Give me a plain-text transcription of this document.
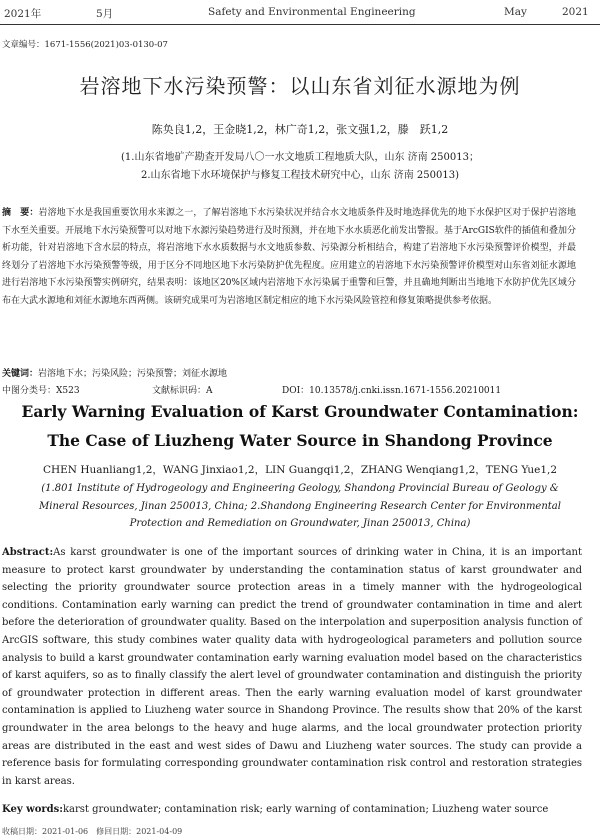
2021年	5月	Safety and Environmental Engineering	May	2021
文章编号：1671-1556(2021)03-0130-07
岩溶地下水污染预警：以山东省刘征水源地为例
陈奂良1,2，王金晓1,2，林广奇1,2，张文强1,2，滕　跃1,2
(1.山东省地矿产勘查开发局八〇一水文地质工程地质大队，山东 济南 250013；
2.山东省地下水环境保护与修复工程技术研究中心，山东 济南 250013)

摘　要：岩溶地下水是我国重要饮用水来源之一，了解岩溶地下水污染状况并结合水文地质条件及时地选择优先的地下水保护区对于保护岩溶地下水至关重要。开展地下水污染预警可以对地下水源污染趋势进行及时预测，并在地下水水质恶化前发出警报。基于ArcGIS软件的插值和叠加分析功能，针对岩溶地下含水层的特点，将岩溶地下水水质数据与水文地质参数、污染源分析相结合，构建了岩溶地下水污染预警评价模型，并最终划分了岩溶地下水污染预警等级，用于区分不同地区地下水污染防护优先程度。应用建立的岩溶地下水污染预警评价模型对山东省刘征水源地进行岩溶地下水污染预警实例研究，结果表明：该地区20%区域内岩溶地下水污染属于重警和巨警，并且确地判断出当地地下水防护优先区域分布在大武水源地和刘征水源地东西两侧。该研究成果可为岩溶地区制定相应的地下水污染风险管控和修复策略提供参考依据。

关键词：岩溶地下水；污染风险；污染预警；刘征水源地
中图分类号：X523	文献标识码：A	DOI：10.13578/j.cnki.issn.1671-1556.20210011
Early Warning Evaluation of Karst Groundwater Contamination:
The Case of Liuzheng Water Source in Shandong Province
CHEN Huanliang1,2，WANG Jinxiao1,2，LIN Guangqi1,2，ZHANG Wenqiang1,2，TENG Yue1,2

(1.801 Institute of Hydrogeology and Engineering Geology, Shandong Provincial Bureau of Geology & Mineral Resources, Jinan 250013, China; 2.Shandong Engineering Research Center for Environmental Protection and Remediation on Groundwater, Jinan 250013, China)

Abstract:As karst groundwater is one of the important sources of drinking water in China, it is an important measure to protect karst groundwater by understanding the contamination status of karst groundwater and selecting the priority groundwater source protection areas in a timely manner with the hydrogeological conditions. Contamination early warning can predict the trend of groundwater contamination in time and alert before the deterioration of groundwater quality. Based on the interpolation and superposition analysis function of ArcGIS software, this study combines water quality data with hydrogeological parameters and pollution source analysis to build a karst groundwater contamination early warning evaluation model based on the characteristics of karst aquifers, so as to finally classify the alert level of groundwater contamination and distinguish the priority of groundwater protection in different areas. Then the early warning evaluation model of karst groundwater contamination is applied to Liuzheng water source in Shandong Province. The results show that 20% of the karst groundwater in the area belongs to the heavy and huge alarms, and the local groundwater protection priority areas are distributed in the east and west sides of Dawu and Liuzheng water sources. The study can provide a reference basis for formulating corresponding groundwater contamination risk control and restoration strategies in karst areas.

Key words:karst groundwater; contamination risk; early warning of contamination; Liuzheng water source
收稿日期：2021-01-06　修回日期：2021-04-09
